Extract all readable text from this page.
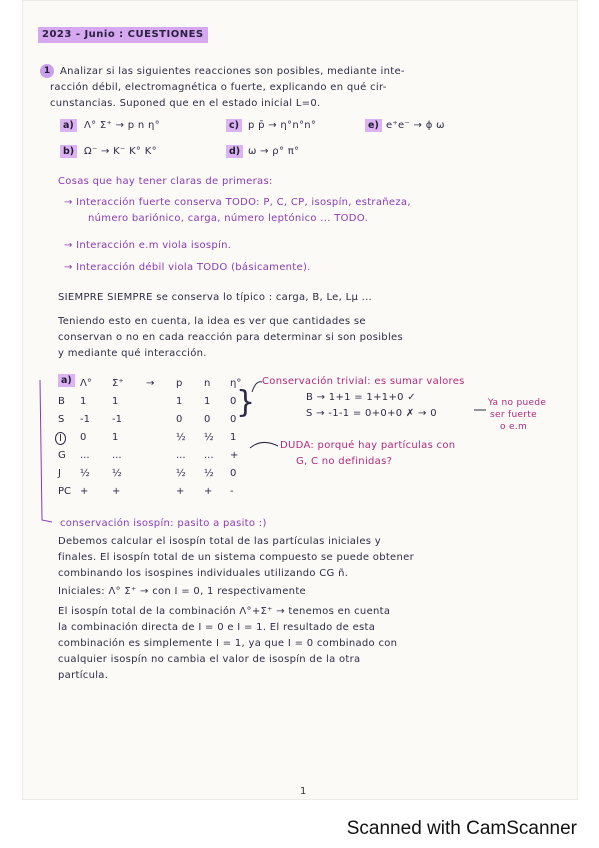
2023 - Junio : CUESTIONES
1 Analizar si las siguientes reacciones son posibles, mediante inte-
racción débil, electromagnética o fuerte, explicando en qué cir-
cunstancias. Suponed que en el estado inicial L=0.
a)	Λ° Σ⁺ → p n η°	c) p p̄ → η°n°n°	e) e⁺e⁻ → ϕ ω
b) Ω⁻ → K⁻ K° K°	d) ω → ρ° π°
Cosas que hay tener claras de primeras:
→ Interacción fuerte conserva TODO: P, C, CP, isospín, estrañeza,
número bariónico, carga, número leptónico ... TODO.
→ Interacción e.m viola isospín.
→ Interacción débil viola TODO (básicamente).
SIEMPRE SIEMPRE se conserva lo típico : carga, B, Le, Lμ ...
Teniendo esto en cuenta, la idea es ver que cantidades se
conservan o no en cada reacción para determinar si son posibles
y mediante qué interacción.
a) Λ° Σ⁺ → p n η°
B 1	1	1 1 0
S -1 -1	0 0 0
I	0	1	½ ½ 1
G ... ...	... ... +
J ½ ½	½ ½ 0
PC + +	+ + -
}
Conservación trivial: es sumar valores
B → 1+1 = 1+1+0 ✓
S → -1-1 = 0+0+0 ✗ → 0
Ya no puede
ser fuerte
o e.m
DUDA: porqué hay partículas con
G, C no definidas?
conservación isospín: pasito a pasito :)
Debemos calcular el isospín total de las partículas iniciales y
finales. El isospín total de un sistema compuesto se puede obtener
combinando los isospines individuales utilizando CG ñ.
Iniciales: Λ° Σ⁺ → con I = 0, 1 respectivamente
El isospín total de la combinación Λ°+Σ⁺ → tenemos en cuenta
la combinación directa de I = 0 e I = 1. El resultado de esta
combinación es simplemente I = 1, ya que I = 0 combinado con
cualquier isospín no cambia el valor de isospín de la otra
partícula.
1
Scanned with CamScanner
